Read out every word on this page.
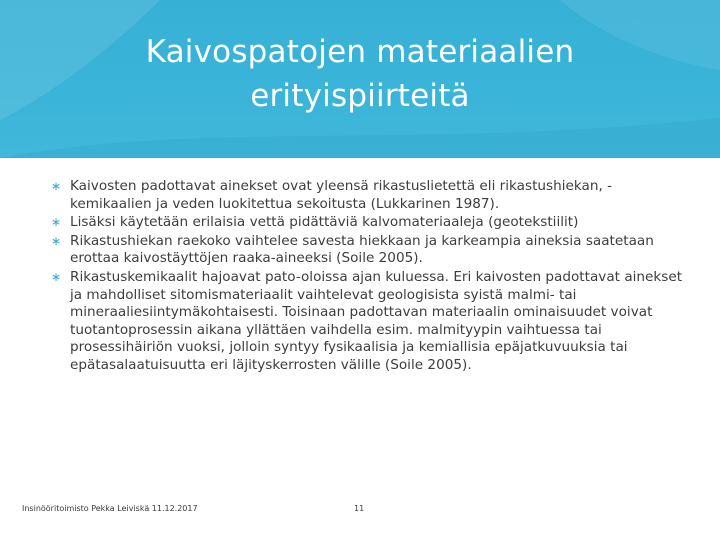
Kaivospatojen materiaalien erityispiirteitä
∗ Kaivosten padottavat ainekset ovat yleensä rikastuslietettä eli rikastushiekan, -kemikaalien ja veden luokitettua sekoitusta (Lukkarinen 1987).
∗ Lisäksi käytetään erilaisia vettä pidättäviä kalvomateriaaleja (geotekstiilit)
∗ Rikastushiekan raekoko vaihtelee savesta hiekkaan ja karkeampia aineksia saatetaan erottaa kaivostäyttöjen raaka-aineeksi (Soile 2005).
∗ Rikastuskemikaalit hajoavat pato-oloissa ajan kuluessa. Eri kaivosten padottavat ainekset ja mahdolliset sitomismateriaalit vaihtelevat geologisista syistä malmi- tai mineraaliesiintymäkohtaisesti. Toisinaan padottavan materiaalin ominaisuudet voivat tuotantoprosessin aikana yllättäen vaihdella esim. malmityypin vaihtuessa tai prosessihäiriön vuoksi, jolloin syntyy fysikaalisia ja kemiallisia epäjatkuvuuksia tai epätasalaatuisuutta eri läjityskerrosten välille (Soile 2005).
Insinööritoimisto Pekka Leiviskä 11.12.2017	11
